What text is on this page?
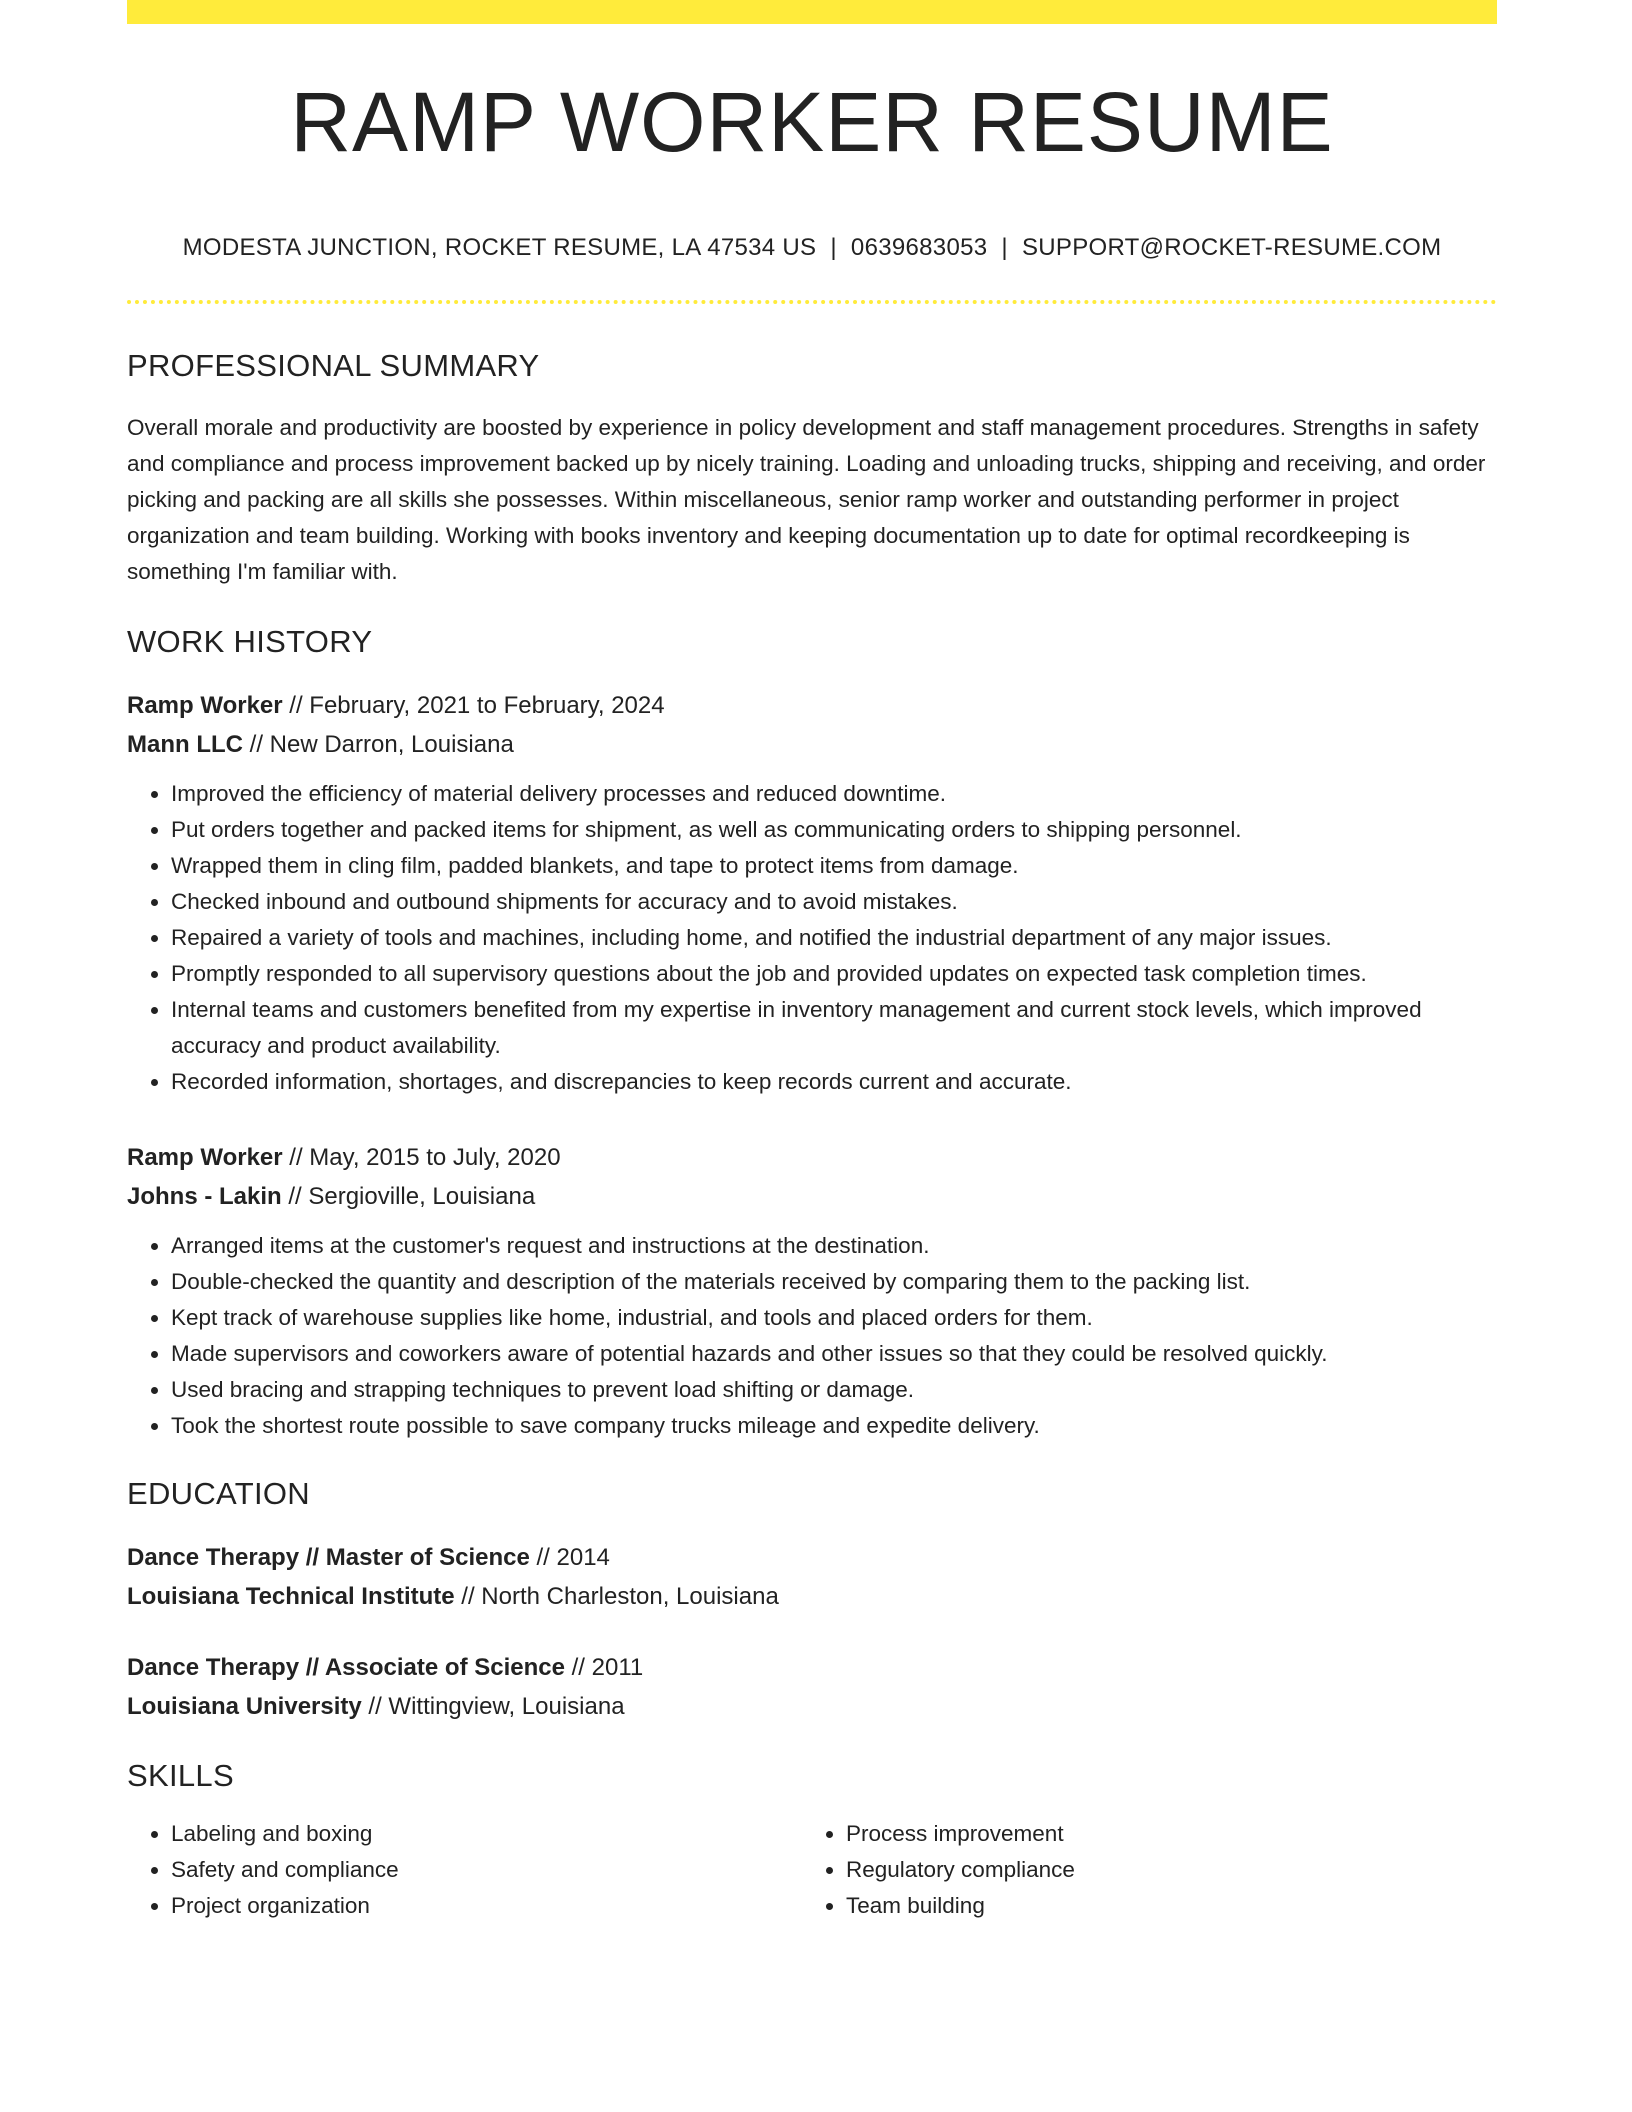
RAMP WORKER RESUME
MODESTA JUNCTION, ROCKET RESUME, LA 47534 US | 0639683053 | SUPPORT@ROCKET-RESUME.COM
PROFESSIONAL SUMMARY

Overall morale and productivity are boosted by experience in policy development and staff management procedures. Strengths in safety and compliance and process improvement backed up by nicely training. Loading and unloading trucks, shipping and receiving, and order picking and packing are all skills she possesses. Within miscellaneous, senior ramp worker and outstanding performer in project organization and team building. Working with books inventory and keeping documentation up to date for optimal recordkeeping is something I'm familiar with.

WORK HISTORY
Ramp Worker // February, 2021 to February, 2024
Mann LLC // New Darron, Louisiana
• Improved the efficiency of material delivery processes and reduced downtime.
• Put orders together and packed items for shipment, as well as communicating orders to shipping personnel.
• Wrapped them in cling film, padded blankets, and tape to protect items from damage.
• Checked inbound and outbound shipments for accuracy and to avoid mistakes.
• Repaired a variety of tools and machines, including home, and notified the industrial department of any major issues.
• Promptly responded to all supervisory questions about the job and provided updates on expected task completion times.
• Internal teams and customers benefited from my expertise in inventory management and current stock levels, which improved accuracy and product availability.
• Recorded information, shortages, and discrepancies to keep records current and accurate.
Ramp Worker // May, 2015 to July, 2020
Johns - Lakin // Sergioville, Louisiana
• Arranged items at the customer's request and instructions at the destination.
• Double-checked the quantity and description of the materials received by comparing them to the packing list.
• Kept track of warehouse supplies like home, industrial, and tools and placed orders for them.
• Made supervisors and coworkers aware of potential hazards and other issues so that they could be resolved quickly.
• Used bracing and strapping techniques to prevent load shifting or damage.
• Took the shortest route possible to save company trucks mileage and expedite delivery.
EDUCATION
Dance Therapy // Master of Science // 2014
Louisiana Technical Institute // North Charleston, Louisiana
Dance Therapy // Associate of Science // 2011
Louisiana University // Wittingview, Louisiana
SKILLS
• Labeling and boxing
• Safety and compliance
• Project organization
• Process improvement
• Regulatory compliance
• Team building
